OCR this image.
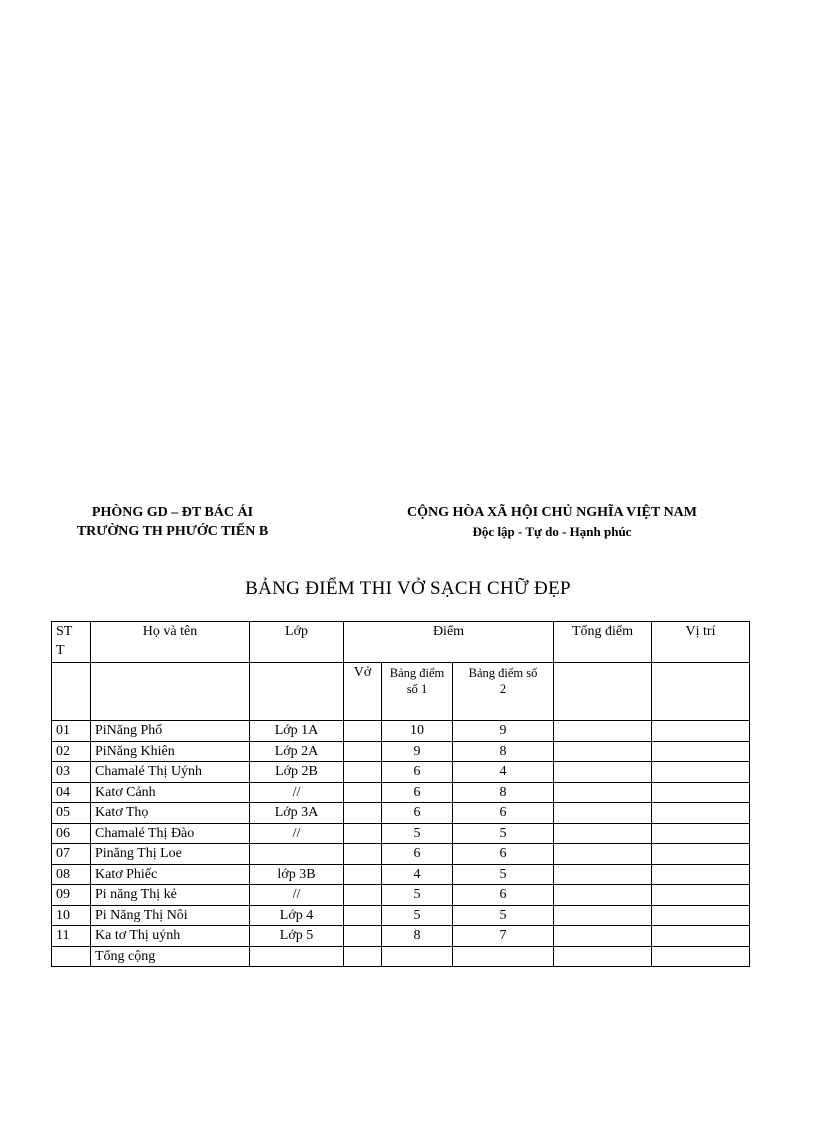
PHÒNG GD – ĐT BÁC ÁI
TRƯỜNG TH PHƯỚC TIẾN B
CỘNG HÒA XÃ HỘI CHỦ NGHĨA VIỆT NAM
Độc lập - Tự do - Hạnh phúc
BẢNG ĐIỂM THI VỞ SẠCH CHỮ ĐẸP
STT	Họ và tên	Lớp	Điểm			Tổng điểm	Vị trí
			Vở	Bảng điểm số 1	Bảng điểm số 2		

01	PiNăng Phố	Lớp 1A		10	9		
02	PiNăng Khiên	Lớp 2A		9	8		
03	Chamalé Thị Uýnh	Lớp 2B		6	4		
04	Katơ Cảnh	//		6	8		
05	Katơ Thọ	Lớp 3A		6	6		
06	Chamalé Thị Đào	//		5	5		
07	Pinăng Thị Loe			6	6		
08	Katơ Phiếc	lớp 3B		4	5		
09	Pi năng Thị kẻ	//		5	6		
10	Pi Năng Thị Nôi	Lớp 4		5	5		
11	Ka tơ Thị uýnh	Lớp 5		8	7		
	Tổng cộng						
